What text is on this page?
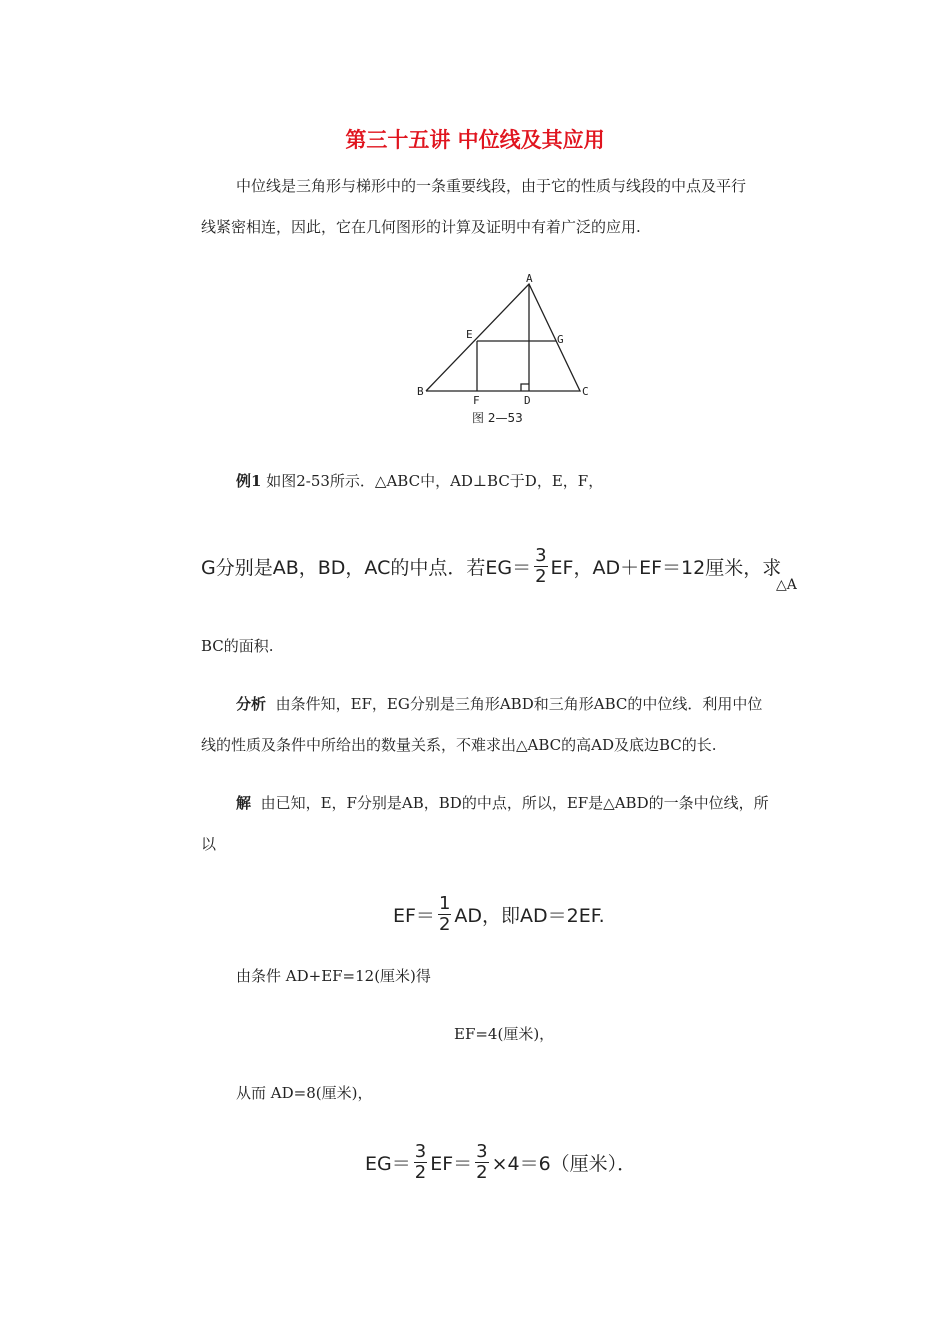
第三十五讲 中位线及其应用
中位线是三角形与梯形中的一条重要线段，由于它的性质与线段的中点及平行
线紧密相连，因此，它在几何图形的计算及证明中有着广泛的应用.
A
E	G
B
F	D
C
图 2—53
例1 如图2-53所示．△ABC中，AD⊥BC于D，E，F，
G分别是AB，BD，AC的中点．若$EG= \frac{3}{2}$ EF，AD＋EF＝12厘米，求
△A
BC的面积.
分析 由条件知，EF，EG分别是三角形ABD和三角形ABC的中位线．利用中位
线的性质及条件中所给出的数量关系，不难求出△ABC的高AD及底边BC的长.
解 由已知，E，F分别是AB，BD的中点，所以，EF是△ABD的一条中位线，所
以
$EF= \frac{1}{2}$ AD，即AD＝2EF.
由条件 AD+EF=12(厘米)得
EF=4(厘米)，
从而 AD=8(厘米)，
$EG= \frac{3}{2} EF= \frac{3}{2} \times 4=6$（厘米）．
